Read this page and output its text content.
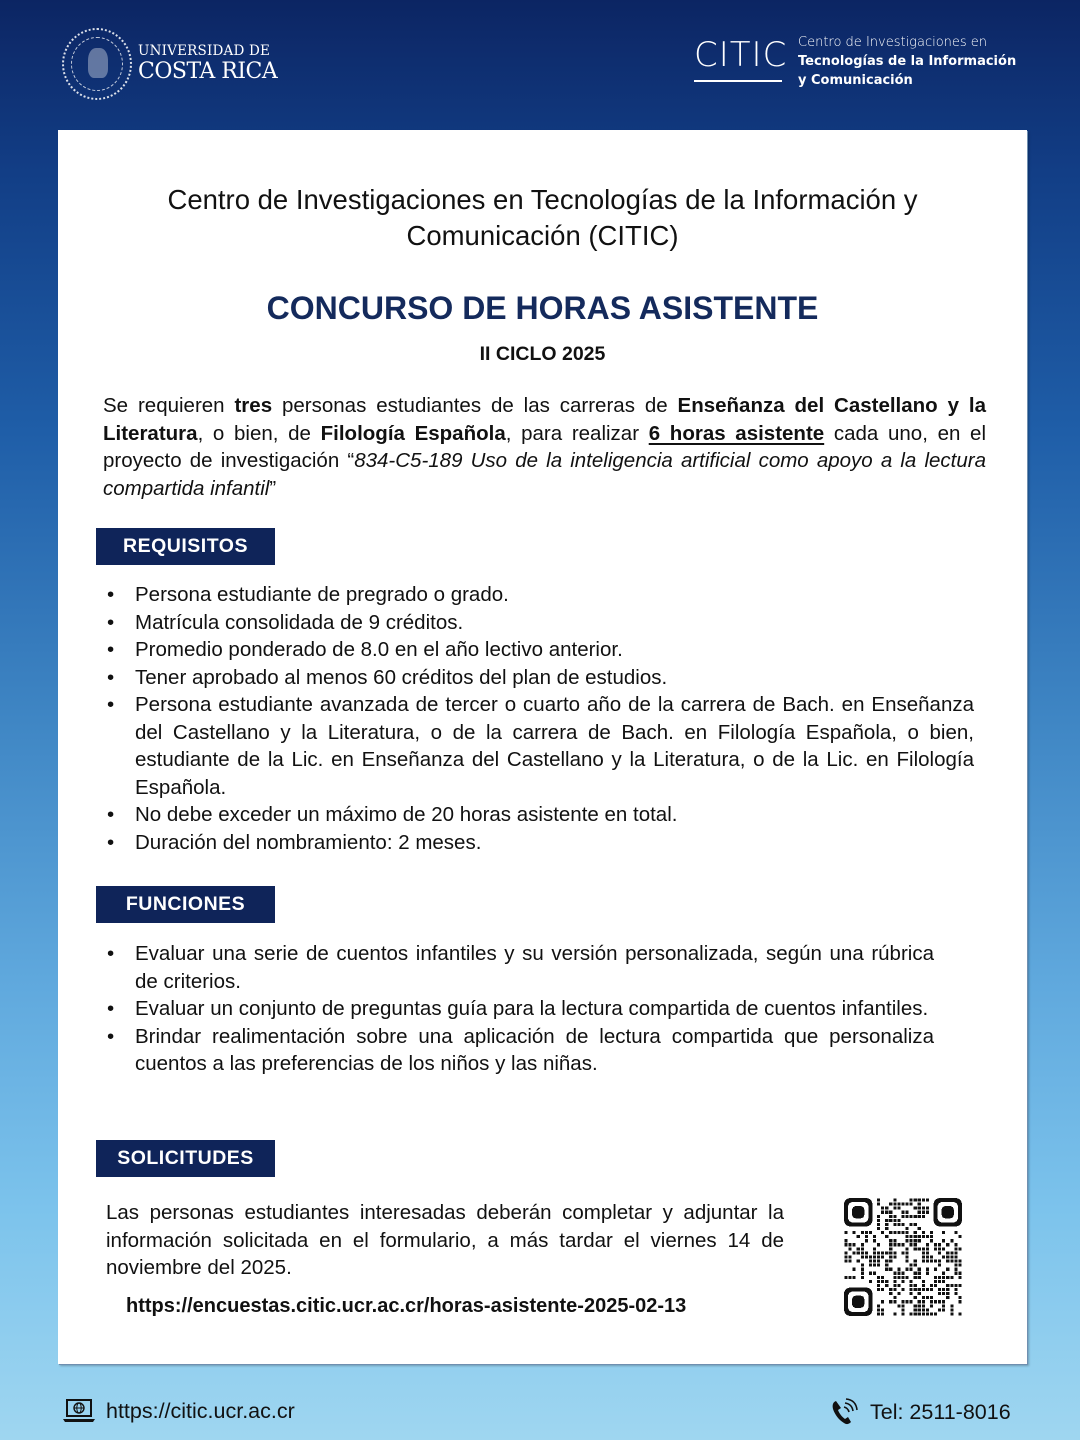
UNIVERSIDAD DE
COSTA RICA	CITIC Centro de Investigaciones en
Tecnologías de la Información
y Comunicación
Centro de Investigaciones en Tecnologías de la Información y Comunicación (CITIC)
CONCURSO DE HORAS ASISTENTE
II CICLO 2025

Se requieren tres personas estudiantes de las carreras de Enseñanza del Castellano y la Literatura, o bien, de Filología Española, para realizar 6 horas asistente cada uno, en el proyecto de investigación “834-C5-189 Uso de la inteligencia artificial como apoyo a la lectura compartida infantil”

REQUISITOS
• Persona estudiante de pregrado o grado.
• Matrícula consolidada de 9 créditos.
• Promedio ponderado de 8.0 en el año lectivo anterior.
• Tener aprobado al menos 60 créditos del plan de estudios.
• Persona estudiante avanzada de tercer o cuarto año de la carrera de Bach. en Enseñanza del Castellano y la Literatura, o de la carrera de Bach. en Filología Española, o bien, estudiante de la Lic. en Enseñanza del Castellano y la Literatura, o de la Lic. en Filología Española.
• No debe exceder un máximo de 20 horas asistente en total.
• Duración del nombramiento: 2 meses.
FUNCIONES
• Evaluar una serie de cuentos infantiles y su versión personalizada, según una rúbrica de criterios.
• Evaluar un conjunto de preguntas guía para la lectura compartida de cuentos infantiles.
• Brindar realimentación sobre una aplicación de lectura compartida que personaliza cuentos a las preferencias de los niños y las niñas.
SOLICITUDES

Las personas estudiantes interesadas deberán completar y adjuntar la información solicitada en el formulario, a más tardar el viernes 14 de noviembre del 2025.

https://encuestas.citic.ucr.ac.cr/horas-asistente-2025-02-13
https://citic.ucr.ac.cr	Tel: 2511-8016
